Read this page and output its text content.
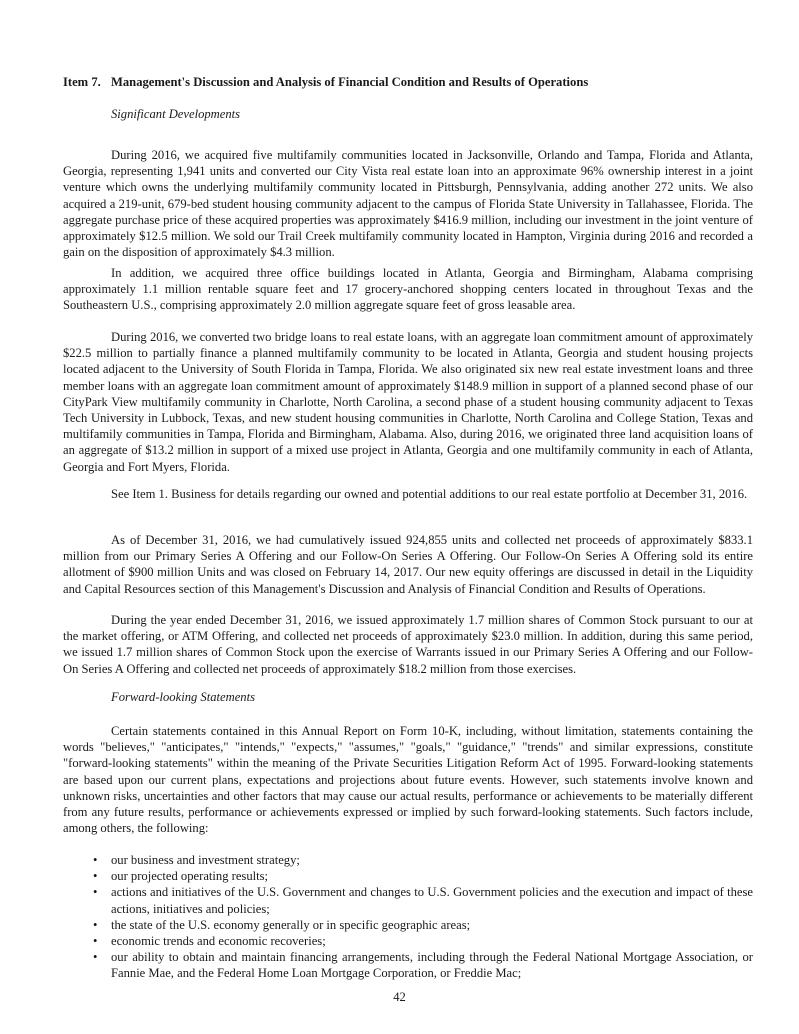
Item 7. Management's Discussion and Analysis of Financial Condition and Results of Operations
Significant Developments
During 2016, we acquired five multifamily communities located in Jacksonville, Orlando and Tampa, Florida and Atlanta, Georgia, representing 1,941 units and converted our City Vista real estate loan into an approximate 96% ownership interest in a joint venture which owns the underlying multifamily community located in Pittsburgh, Pennsylvania, adding another 272 units. We also acquired a 219-unit, 679-bed student housing community adjacent to the campus of Florida State University in Tallahassee, Florida. The aggregate purchase price of these acquired properties was approximately $416.9 million, including our investment in the joint venture of approximately $12.5 million. We sold our Trail Creek multifamily community located in Hampton, Virginia during 2016 and recorded a gain on the disposition of approximately $4.3 million.
In addition, we acquired three office buildings located in Atlanta, Georgia and Birmingham, Alabama comprising approximately 1.1 million rentable square feet and 17 grocery-anchored shopping centers located in throughout Texas and the Southeastern U.S., comprising approximately 2.0 million aggregate square feet of gross leasable area.
During 2016, we converted two bridge loans to real estate loans, with an aggregate loan commitment amount of approximately $22.5 million to partially finance a planned multifamily community to be located in Atlanta, Georgia and student housing projects located adjacent to the University of South Florida in Tampa, Florida. We also originated six new real estate investment loans and three member loans with an aggregate loan commitment amount of approximately $148.9 million in support of a planned second phase of our CityPark View multifamily community in Charlotte, North Carolina, a second phase of a student housing community adjacent to Texas Tech University in Lubbock, Texas, and new student housing communities in Charlotte, North Carolina and College Station, Texas and multifamily communities in Tampa, Florida and Birmingham, Alabama. Also, during 2016, we originated three land acquisition loans of an aggregate of $13.2 million in support of a mixed use project in Atlanta, Georgia and one multifamily community in each of Atlanta, Georgia and Fort Myers, Florida.
See Item 1. Business for details regarding our owned and potential additions to our real estate portfolio at December 31, 2016.
As of December 31, 2016, we had cumulatively issued 924,855 units and collected net proceeds of approximately $833.1 million from our Primary Series A Offering and our Follow-On Series A Offering. Our Follow-On Series A Offering sold its entire allotment of $900 million Units and was closed on February 14, 2017. Our new equity offerings are discussed in detail in the Liquidity and Capital Resources section of this Management's Discussion and Analysis of Financial Condition and Results of Operations.
During the year ended December 31, 2016, we issued approximately 1.7 million shares of Common Stock pursuant to our at the market offering, or ATM Offering, and collected net proceeds of approximately $23.0 million. In addition, during this same period, we issued 1.7 million shares of Common Stock upon the exercise of Warrants issued in our Primary Series A Offering and our Follow-On Series A Offering and collected net proceeds of approximately $18.2 million from those exercises.
Forward-looking Statements
Certain statements contained in this Annual Report on Form 10-K, including, without limitation, statements containing the words "believes," "anticipates," "intends," "expects," "assumes," "goals," "guidance," "trends" and similar expressions, constitute "forward-looking statements" within the meaning of the Private Securities Litigation Reform Act of 1995. Forward-looking statements are based upon our current plans, expectations and projections about future events. However, such statements involve known and unknown risks, uncertainties and other factors that may cause our actual results, performance or achievements to be materially different from any future results, performance or achievements expressed or implied by such forward-looking statements. Such factors include, among others, the following:
• our business and investment strategy;
• our projected operating results;
• actions and initiatives of the U.S. Government and changes to U.S. Government policies and the execution and impact of these actions, initiatives and policies;
• the state of the U.S. economy generally or in specific geographic areas;
• economic trends and economic recoveries;
• our ability to obtain and maintain financing arrangements, including through the Federal National Mortgage Association, or Fannie Mae, and the Federal Home Loan Mortgage Corporation, or Freddie Mac;
42
